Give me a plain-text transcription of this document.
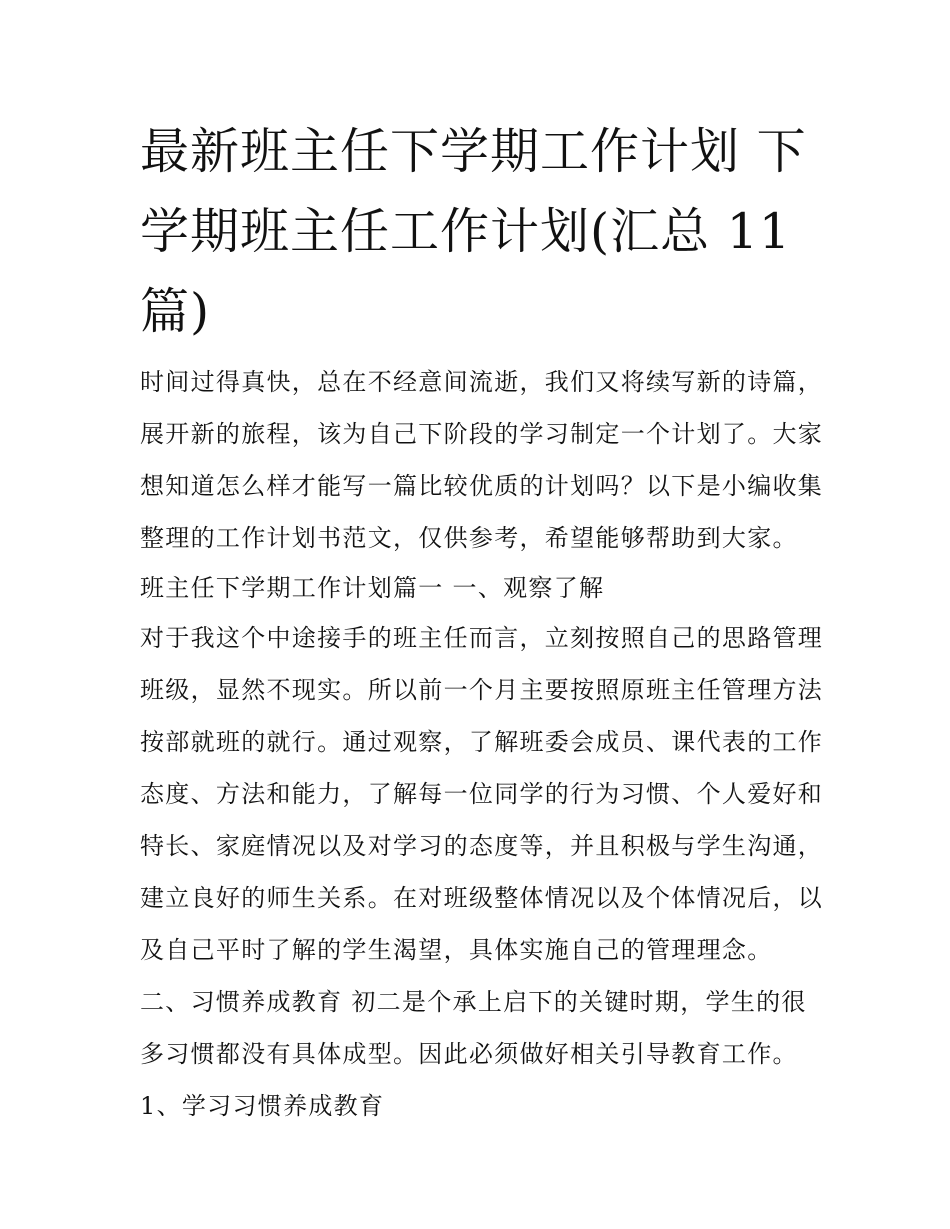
最新班主任下学期工作计划 下
学期班主任工作计划(汇总 11
篇)
时间过得真快，总在不经意间流逝，我们又将续写新的诗篇，
展开新的旅程，该为自己下阶段的学习制定一个计划了。大家
想知道怎么样才能写一篇比较优质的计划吗？以下是小编收集
整理的工作计划书范文，仅供参考，希望能够帮助到大家。
班主任下学期工作计划篇一 一、观察了解
对于我这个中途接手的班主任而言，立刻按照自己的思路管理
班级，显然不现实。所以前一个月主要按照原班主任管理方法
按部就班的就行。通过观察，了解班委会成员、课代表的工作
态度、方法和能力，了解每一位同学的行为习惯、个人爱好和
特长、家庭情况以及对学习的态度等，并且积极与学生沟通，
建立良好的师生关系。在对班级整体情况以及个体情况后，以
及自己平时了解的学生渴望，具体实施自己的管理理念。
二、习惯养成教育 初二是个承上启下的关键时期，学生的很
多习惯都没有具体成型。因此必须做好相关引导教育工作。
1、学习习惯养成教育
